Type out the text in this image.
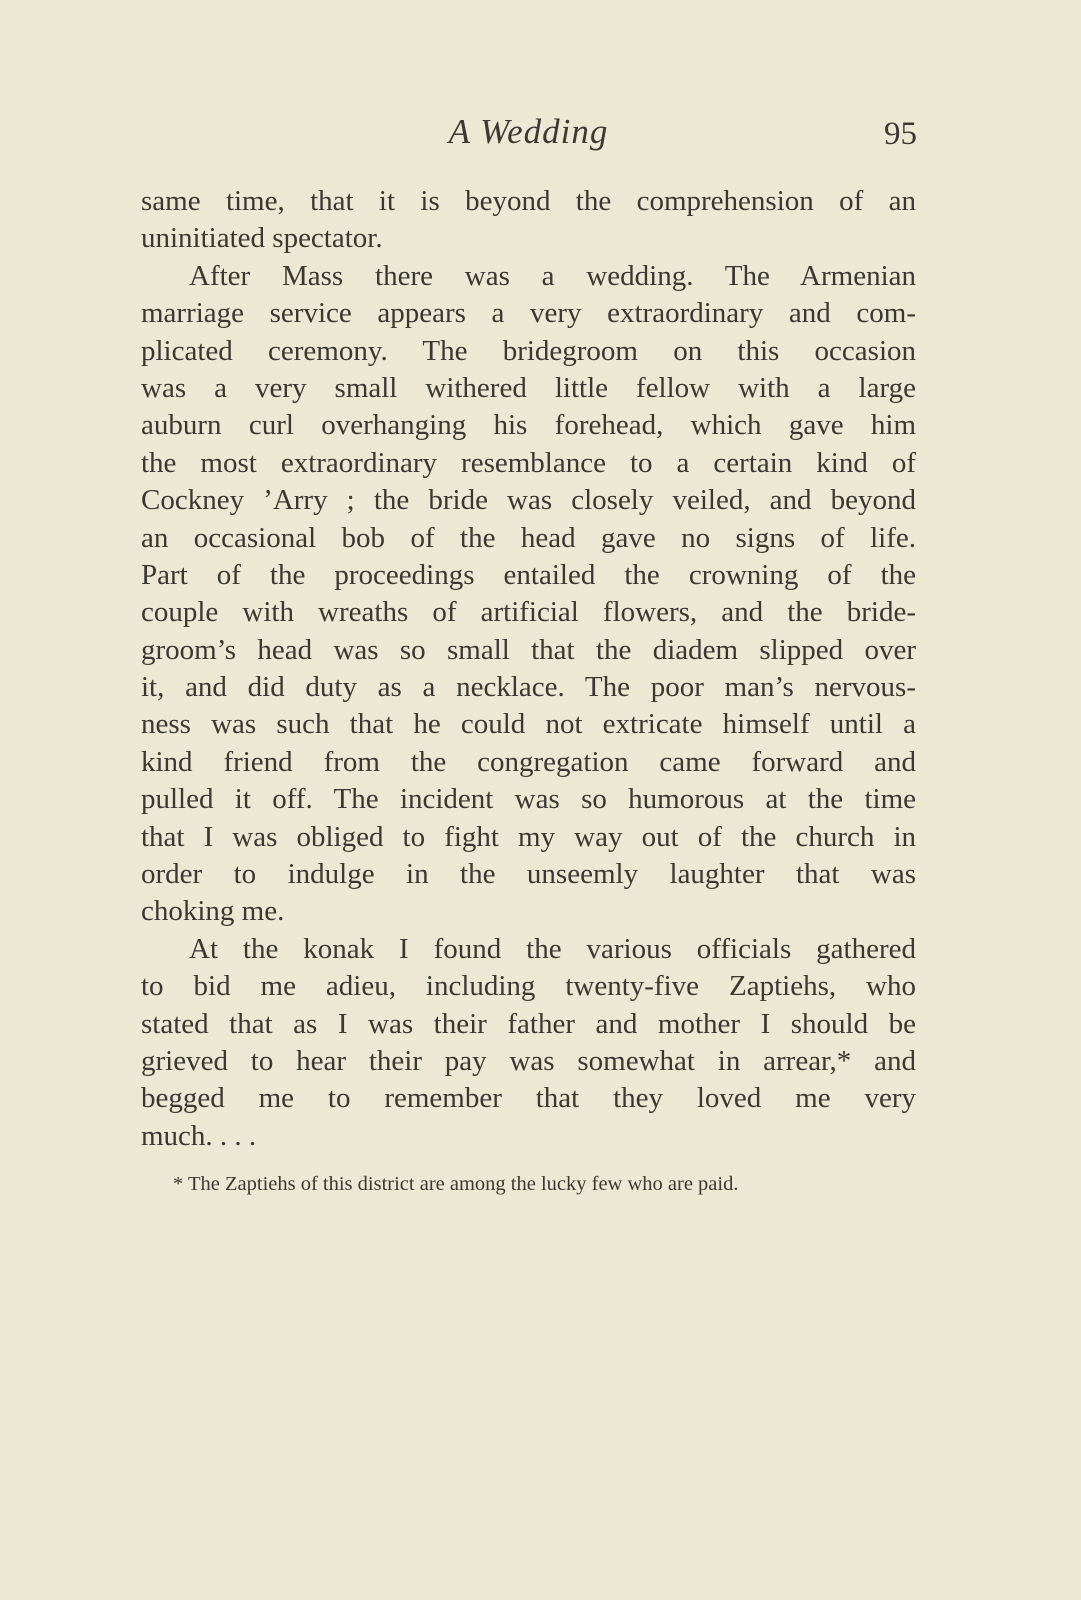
A Wedding	95
same time, that it is beyond the comprehension of an
uninitiated spectator.
After Mass there was a wedding. The Armenian
marriage service appears a very extraordinary and com-
plicated ceremony. The bridegroom on this occasion
was a very small withered little fellow with a large
auburn curl overhanging his forehead, which gave him
the most extraordinary resemblance to a certain kind of
Cockney ’Arry ; the bride was closely veiled, and beyond
an occasional bob of the head gave no signs of life.
Part of the proceedings entailed the crowning of the
couple with wreaths of artificial flowers, and the bride-
groom’s head was so small that the diadem slipped over
it, and did duty as a necklace. The poor man’s nervous-
ness was such that he could not extricate himself until a
kind friend from the congregation came forward and
pulled it off. The incident was so humorous at the time
that I was obliged to fight my way out of the church in
order to indulge in the unseemly laughter that was
choking me.
At the konak I found the various officials gathered
to bid me adieu, including twenty-five Zaptiehs, who
stated that as I was their father and mother I should be
grieved to hear their pay was somewhat in arrear,* and
begged me to remember that they loved me very
much. . . .
* The Zaptiehs of this district are among the lucky few who are paid.
